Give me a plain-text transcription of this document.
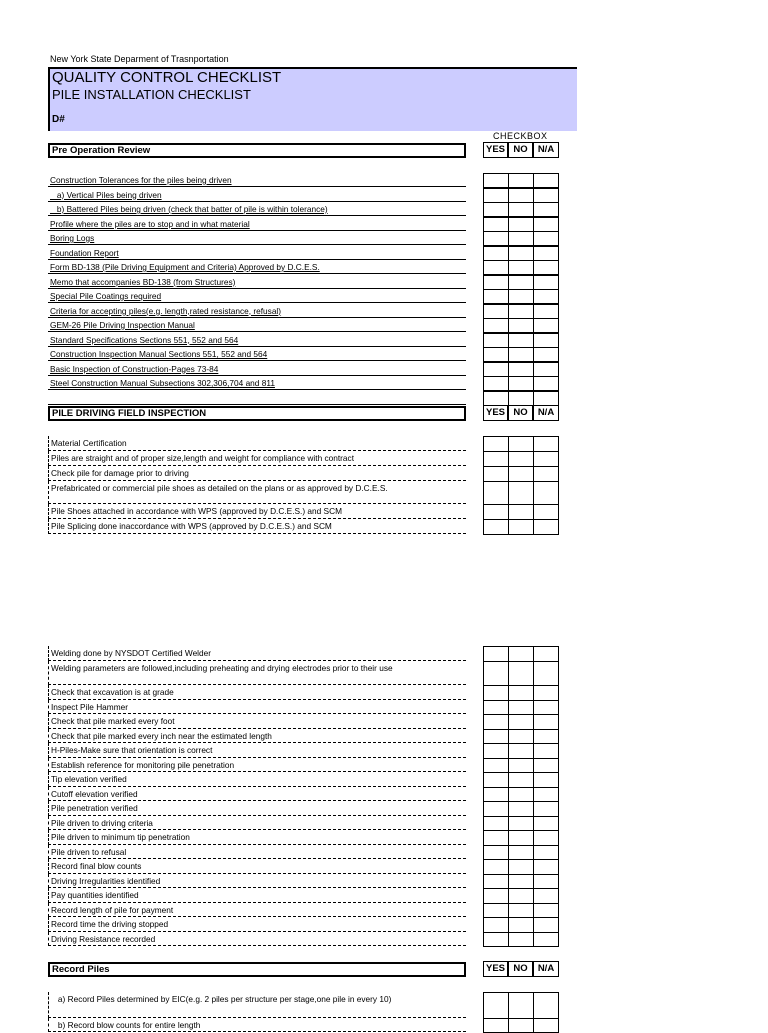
New York State Deparment of Trasnportation
QUALITY CONTROL CHECKLIST
PILE INSTALLATION CHECKLIST
D#
CHECKBOX
Pre Operation Review	YES NO	N/A
Construction Tolerances for the piles being driven
a) Vertical Piles being driven
b) Battered Piles being driven (check that batter of pile is within tolerance)
Profile where the piles are to stop and in what material
Boring Logs
Foundation Report
Form BD-138 (Pile Driving Equipment and Criteria) Approved by D.C.E.S.
Memo that accompanies BD-138 (from Structures)
Special Pile Coatings required
Criteria for accepting piles(e.g. length,rated resistance, refusal)
GEM-26 Pile Driving Inspection Manual
Standard Specifications Sections 551, 552 and 564
Construction Inspection Manual Sections 551, 552 and 564
Basic Inspection of Construction-Pages 73-84
Steel Construction Manual Subsections 302,306,704 and 811
PILE DRIVING FIELD INSPECTION	YES NO	N/A
Material Certification
Piles are straight and of proper size,length and weight for compliance with contract
Check pile for damage prior to driving
Prefabricated or commercial pile shoes as detailed on the plans or as approved by D.C.E.S.
Pile Shoes attached in accordance with WPS (approved by D.C.E.S.) and SCM
Pile Splicing done inaccordance with WPS (approved by D.C.E.S.) and SCM
Welding done by NYSDOT Certified Welder
Welding parameters are followed,including preheating and drying electrodes prior to their use
Check that excavation is at grade
Inspect Pile Hammer
Check that pile marked every foot
Check that pile marked every inch near the estimated length
H-Piles-Make sure that orientation is correct
Establish reference for monitoring pile penetration
Tip elevation verified
Cutoff elevation verified
Pile penetration verified
Pile driven to driving criteria
Pile driven to minimum tip penetration
Pile driven to refusal
Record final blow counts
Driving Irregularities identified
Pay quantities identified
Record length of pile for payment
Record time the driving stopped
Driving Resistance recorded
Record Piles	YES NO	N/A
a) Record Piles determined by EIC(e.g. 2 piles per structure per stage,one pile in every 10)
b) Record blow counts for entire length
